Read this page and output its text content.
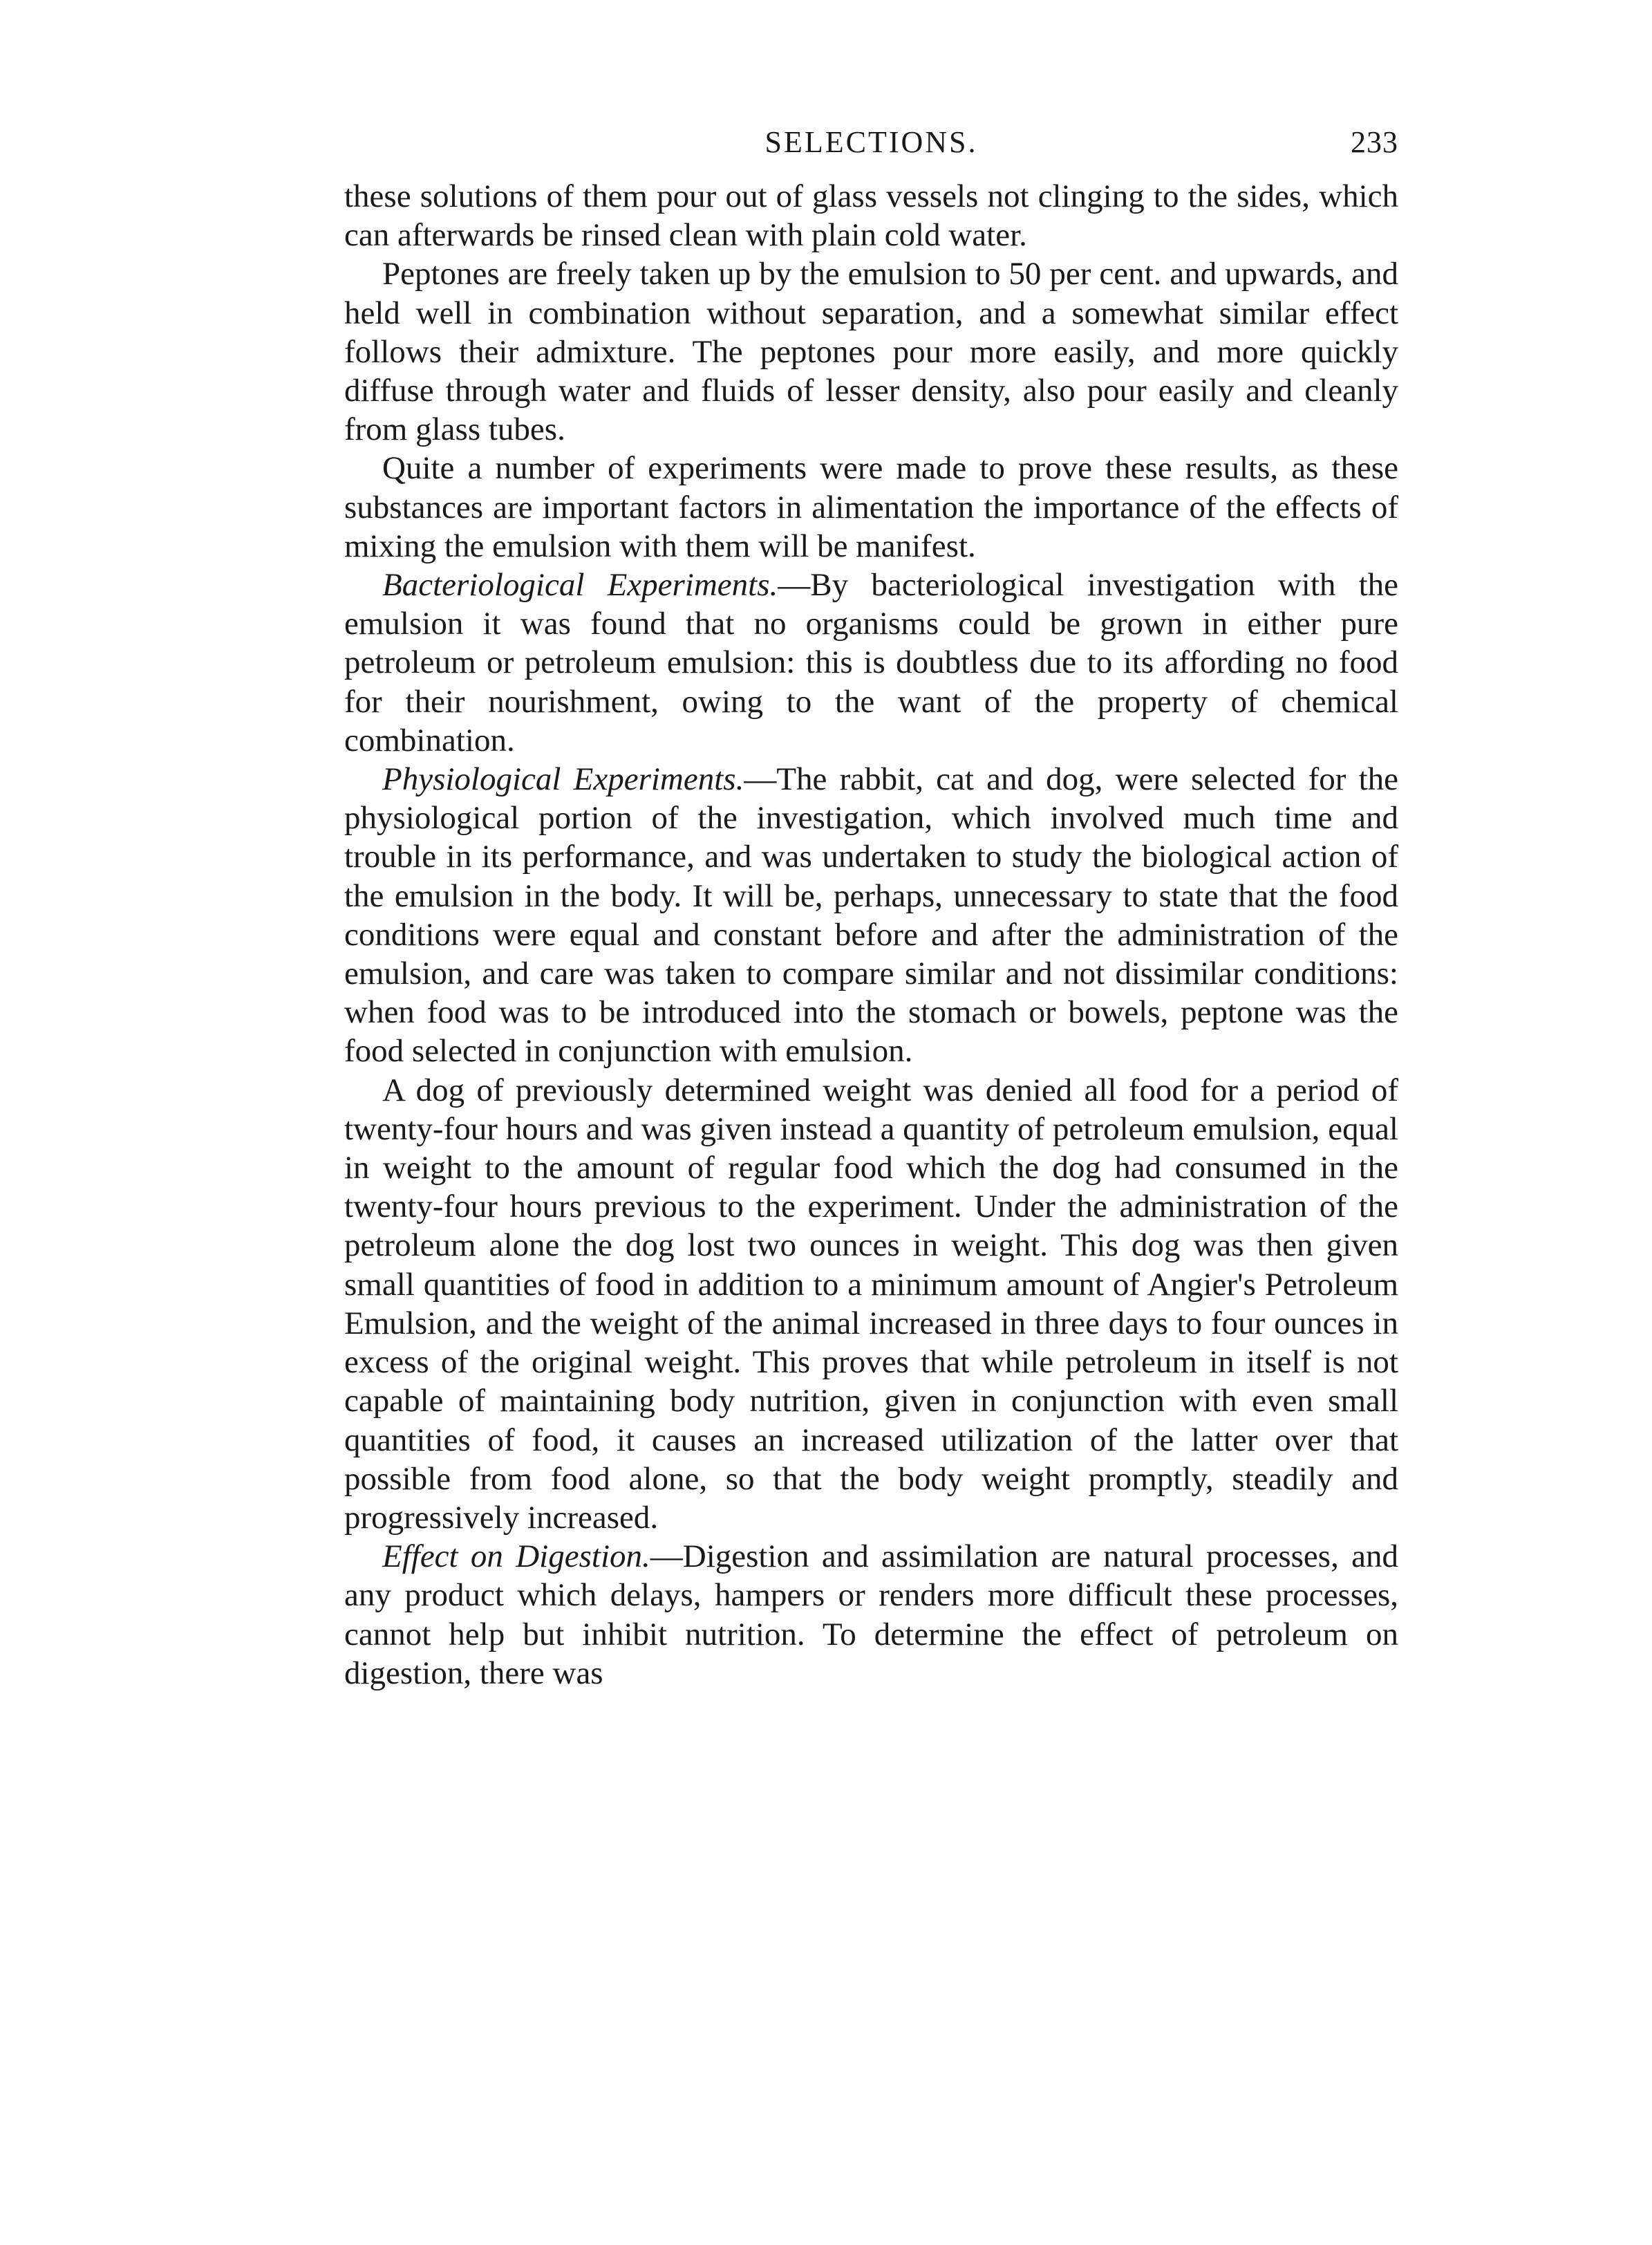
SELECTIONS.	233

these solutions of them pour out of glass vessels not clinging to the sides, which can afterwards be rinsed clean with plain cold water.

Peptones are freely taken up by the emulsion to 50 per cent. and upwards, and held well in combination without separation, and a somewhat similar effect follows their admixture. The peptones pour more easily, and more quickly diffuse through water and fluids of lesser density, also pour easily and cleanly from glass tubes.

Quite a number of experiments were made to prove these results, as these substances are important factors in alimentation the importance of the effects of mixing the emulsion with them will be manifest.

Bacteriological Experiments.—By bacteriological investigation with the emulsion it was found that no organisms could be grown in either pure petroleum or petroleum emulsion: this is doubtless due to its affording no food for their nourishment, owing to the want of the property of chemical combination.

Physiological Experiments.—The rabbit, cat and dog, were selected for the physiological portion of the investigation, which involved much time and trouble in its performance, and was undertaken to study the biological action of the emulsion in the body. It will be, perhaps, unnecessary to state that the food conditions were equal and constant before and after the administration of the emulsion, and care was taken to compare similar and not dissimilar conditions: when food was to be introduced into the stomach or bowels, peptone was the food selected in conjunction with emulsion.

A dog of previously determined weight was denied all food for a period of twenty-four hours and was given instead a quantity of petroleum emulsion, equal in weight to the amount of regular food which the dog had consumed in the twenty-four hours previous to the experiment. Under the administration of the petroleum alone the dog lost two ounces in weight. This dog was then given small quantities of food in addition to a minimum amount of Angier's Petroleum Emulsion, and the weight of the animal increased in three days to four ounces in excess of the original weight. This proves that while petroleum in itself is not capable of maintaining body nutrition, given in conjunction with even small quantities of food, it causes an increased utilization of the latter over that possible from food alone, so that the body weight promptly, steadily and progressively increased.

Effect on Digestion.—Digestion and assimilation are natural processes, and any product which delays, hampers or renders more difficult these processes, cannot help but inhibit nutrition. To determine the effect of petroleum on digestion, there was
